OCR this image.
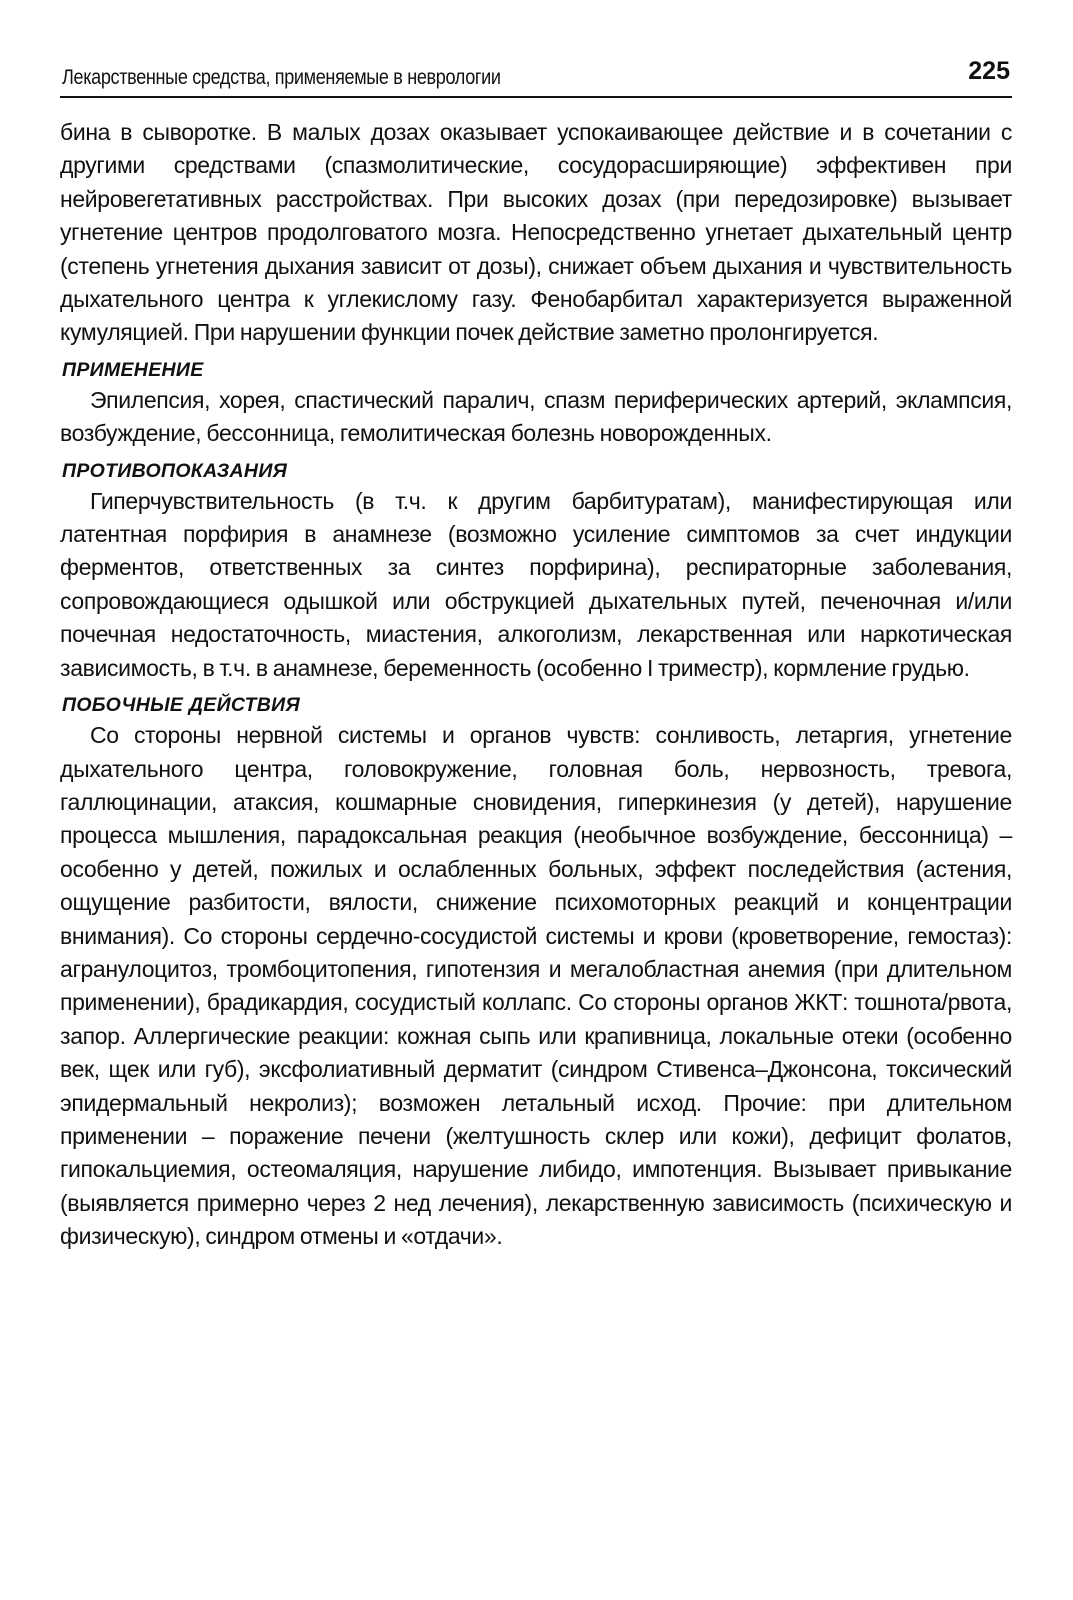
Лекарственные средства, применяемые в неврологии	225

бина в сыворотке. В малых дозах оказывает успокаивающее действие и в сочетании с другими средствами (спазмолитические, сосудорасширяющие) эффективен при нейровегетативных расстройствах. При высоких дозах (при передозировке) вызывает угнетение центров продолговатого мозга. Непосредственно угнетает дыхательный центр (степень угнетения дыхания зависит от дозы), снижает объем дыхания и чувствительность дыхательного центра к углекислому газу. Фенобарбитал характеризуется выраженной кумуляцией. При нарушении функции почек действие заметно пролонгируется.

ПРИМЕНЕНИЕ

Эпилепсия, хорея, спастический паралич, спазм периферических артерий, эклампсия, возбуждение, бессонница, гемолитическая болезнь новорожденных.

ПРОТИВОПОКАЗАНИЯ

Гиперчувствительность (в т.ч. к другим барбитуратам), манифестирующая или латентная порфирия в анамнезе (возможно усиление симптомов за счет индукции ферментов, ответственных за синтез порфирина), респираторные заболевания, сопровождающиеся одышкой или обструкцией дыхательных путей, печеночная и/или почечная недостаточность, миастения, алкоголизм, лекарственная или наркотическая зависимость, в т.ч. в анамнезе, беременность (особенно I триместр), кормление грудью.

ПОБОЧНЫЕ ДЕЙСТВИЯ

Со стороны нервной системы и органов чувств: сонливость, летаргия, угнетение дыхательного центра, головокружение, головная боль, нервозность, тревога, галлюцинации, атаксия, кошмарные сновидения, гиперкинезия (у детей), нарушение процесса мышления, парадоксальная реакция (необычное возбуждение, бессонница) – особенно у детей, пожилых и ослабленных больных, эффект последействия (астения, ощущение разбитости, вялости, снижение психомоторных реакций и концентрации внимания). Со стороны сердечно-сосудистой системы и крови (кроветворение, гемостаз): агранулоцитоз, тромбоцитопения, гипотензия и мегалобластная анемия (при длительном применении), брадикардия, сосудистый коллапс. Со стороны органов ЖКТ: тошнота/рвота, запор. Аллергические реакции: кожная сыпь или крапивница, локальные отеки (особенно век, щек или губ), эксфолиативный дерматит (синдром Стивенса–Джонсона, токсический эпидермальный некролиз); возможен летальный исход. Прочие: при длительном применении – поражение печени (желтушность склер или кожи), дефицит фолатов, гипокальциемия, остеомаляция, нарушение либидо, импотенция. Вызывает привыкание (выявляется примерно через 2 нед лечения), лекарственную зависимость (психическую и физическую), синдром отмены и «отдачи».
